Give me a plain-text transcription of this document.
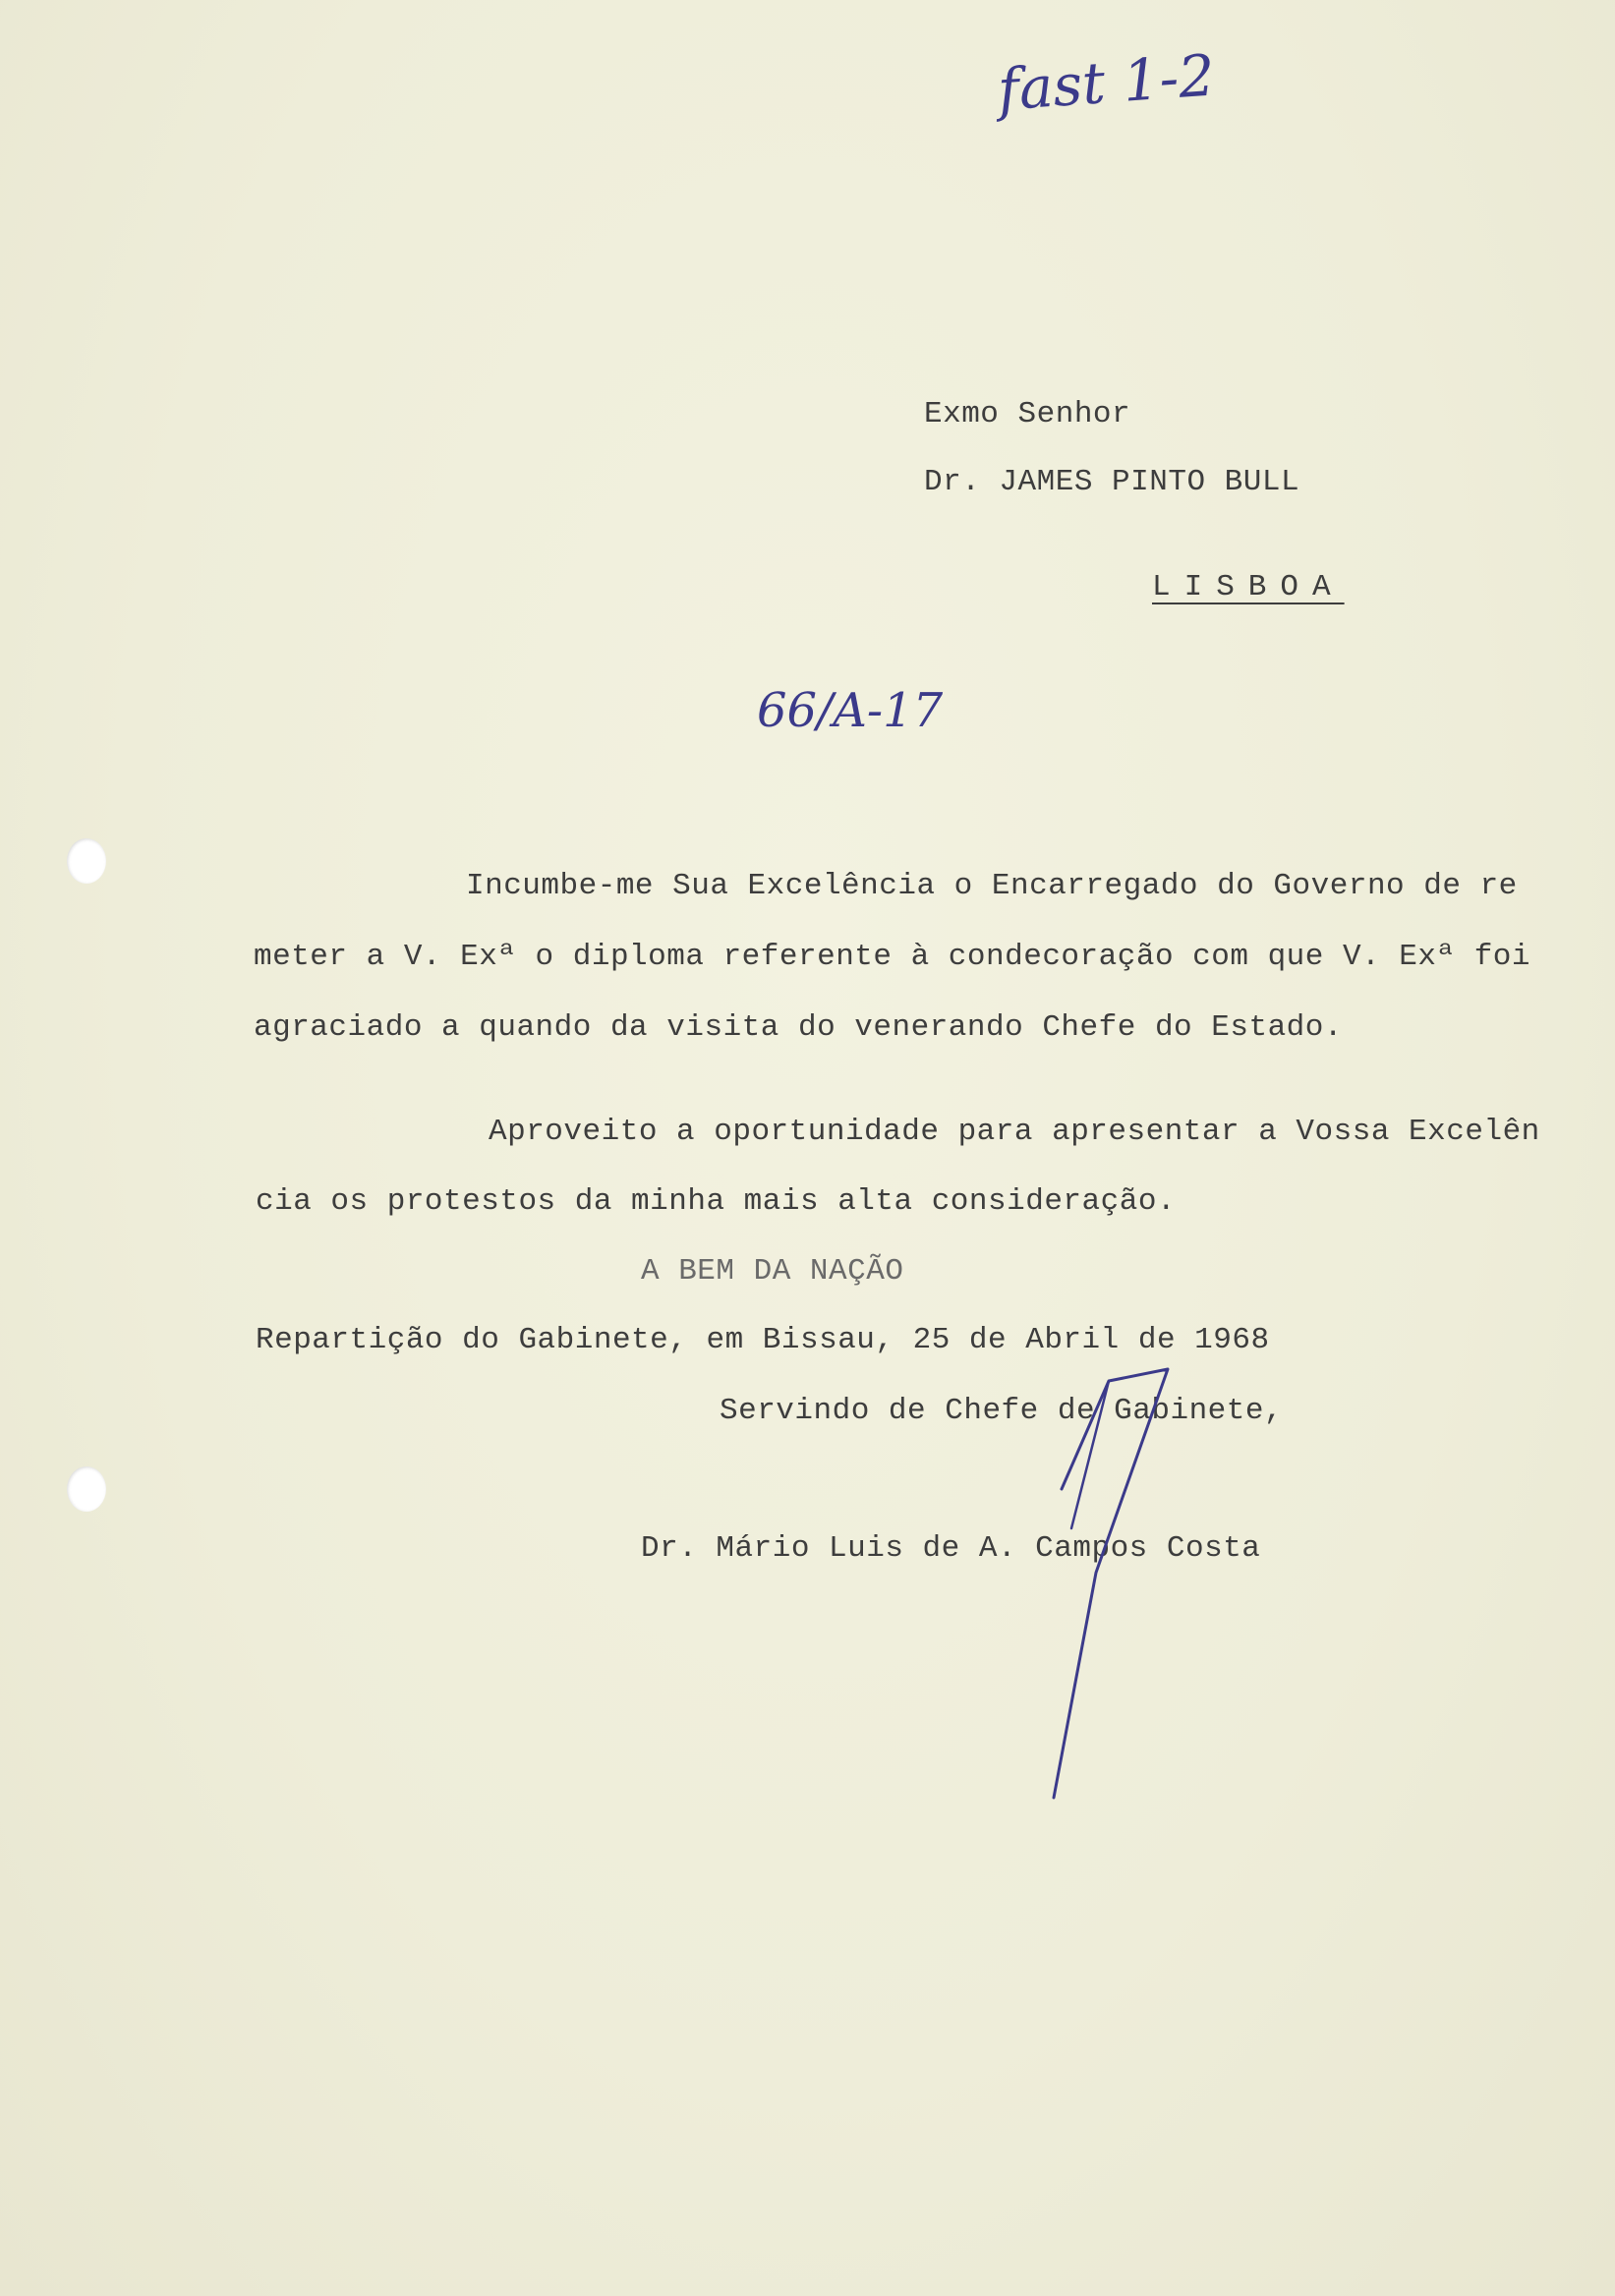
fast 1-2
Exmo Senhor
Dr. JAMES PINTO BULL
LISBOA
66/A-17
Incumbe-me Sua Excelência o Encarregado do Governo de re
meter a V. Exª o diploma referente à condecoração com que V. Exª foi
agraciado a quando da visita do venerando Chefe do Estado.
Aproveito a oportunidade para apresentar a Vossa Excelên
cia os protestos da minha mais alta consideração.
A BEM DA NAÇÃO
Repartição do Gabinete, em Bissau, 25 de Abril de 1968
Servindo de Chefe de Gabinete,
Dr. Mário Luis de A. Campos Costa
